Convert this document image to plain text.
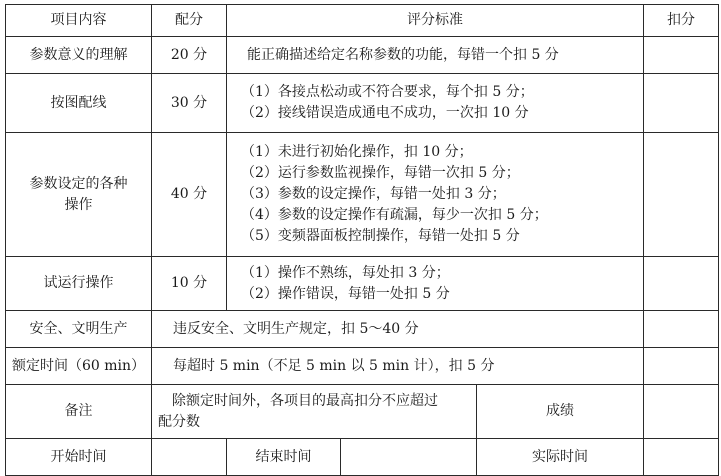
项目内容	配分	评分标准			扣分
参数意义的理解	20 分	能正确描述给定名称参数的功能，每错一个扣 5 分			

按图配线	30 分	（1）各接点松动或不符合要求，每个扣 5 分；
（2）接线错误造成通电不成功，一次扣 10 分			

参数设定的各种
操作	40 分	（1）未进行初始化操作，扣 10 分；
（2）运行参数监视操作，每错一次扣 5 分；
（3）参数的设定操作，每错一处扣 3 分；
（4）参数的设定操作有疏漏，每少一次扣 5 分；
（5）变频器面板控制操作，每错一处扣 5 分			

试运行操作	10 分	（1）操作不熟练，每处扣 3 分；
（2）操作错误，每错一处扣 5 分			

安全、文明生产	违反安全、文明生产规定，扣 5～40 分				
额定时间（60 min）	每超时 5 min（不足 5 min 以 5 min 计），扣 5 分				
备注	除额定时间外，各项目的最高扣分不应超过
配分数			成绩	
开始时间		结束时间		实际时间	
